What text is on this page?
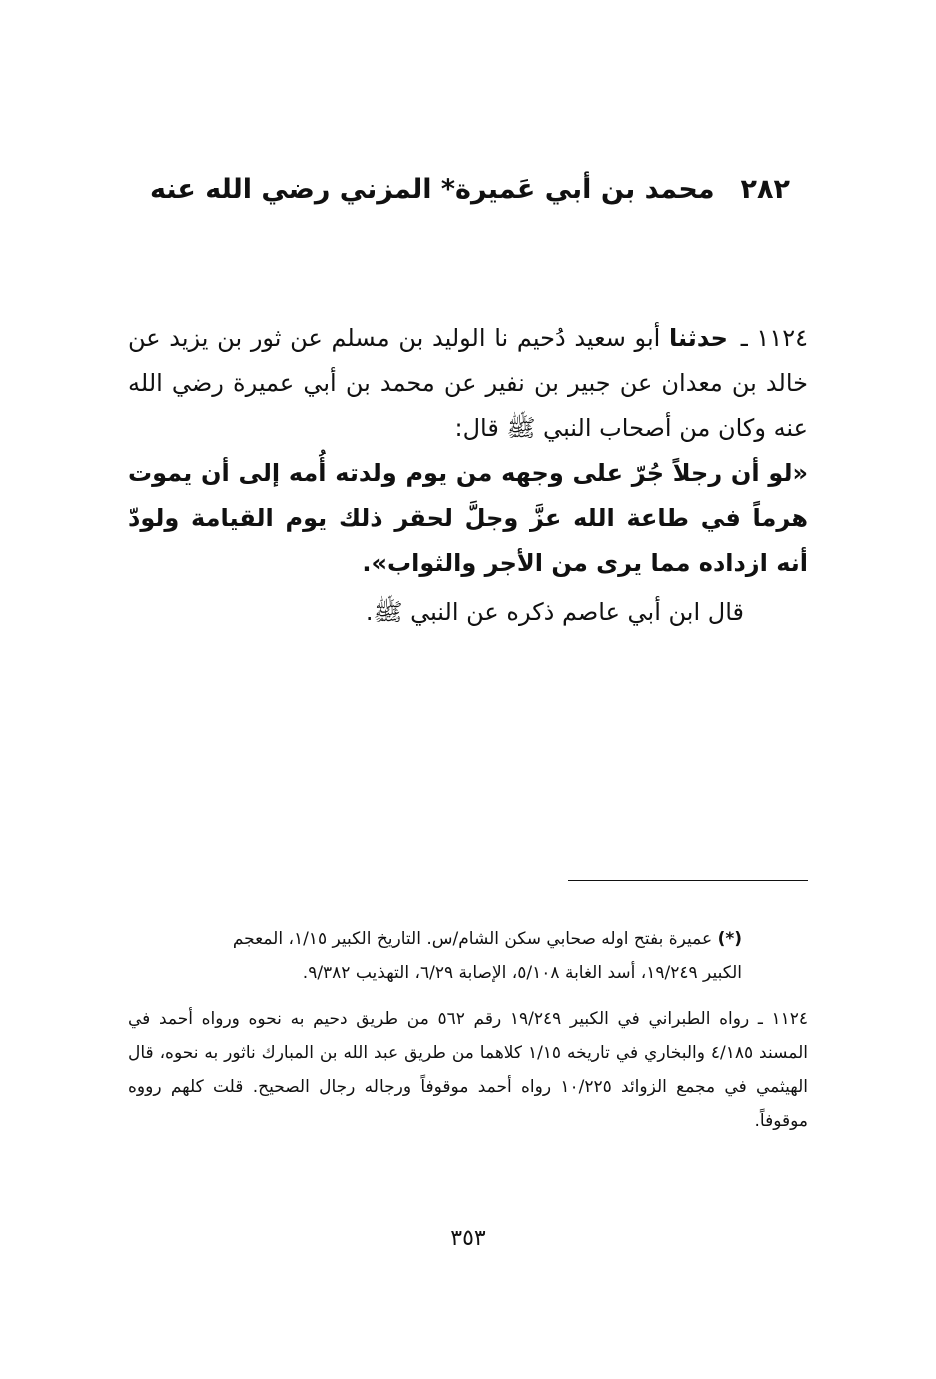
٢٨٢محمد بن أبي عَميرة* المزني رضي الله عنه

١١٢٤ ـ حدثنا أبو سعيد دُحيم نا الوليد بن مسلم عن ثور بن يزيد عن خالد بن معدان عن جبير بن نفير عن محمد بن أبي عميرة رضي الله عنه وكان من أصحاب النبي ﷺ قال:
«لو أن رجلاً جُرّ على وجهه من يوم ولدته أُمه إلى أن يموت هرماً في طاعة الله عزَّ وجلَّ لحقر ذلك يوم القيامة ولودّ أنه ازداده مما يرى من الأجر والثواب».

قال ابن أبي عاصم ذكره عن النبي ﷺ.

(*) عميرة بفتح اوله صحابي سكن الشام/س. التاريخ الكبير ١/١٥، المعجم الكبير ١٩/٢٤٩، أسد الغابة ٥/١٠٨، الإصابة ٦/٢٩، التهذيب ٩/٣٨٢.

١١٢٤ ـ رواه الطبراني في الكبير ١٩/٢٤٩ رقم ٥٦٢ من طريق دحيم به نحوه ورواه أحمد في المسند ٤/١٨٥ والبخاري في تاريخه ١/١٥ كلاهما من طريق عبد الله بن المبارك ناثور به نحوه، قال الهيثمي في مجمع الزوائد ١٠/٢٢٥ رواه أحمد موقوفاً ورجاله رجال الصحيح. قلت كلهم رووه موقوفاً.

٣٥٣
